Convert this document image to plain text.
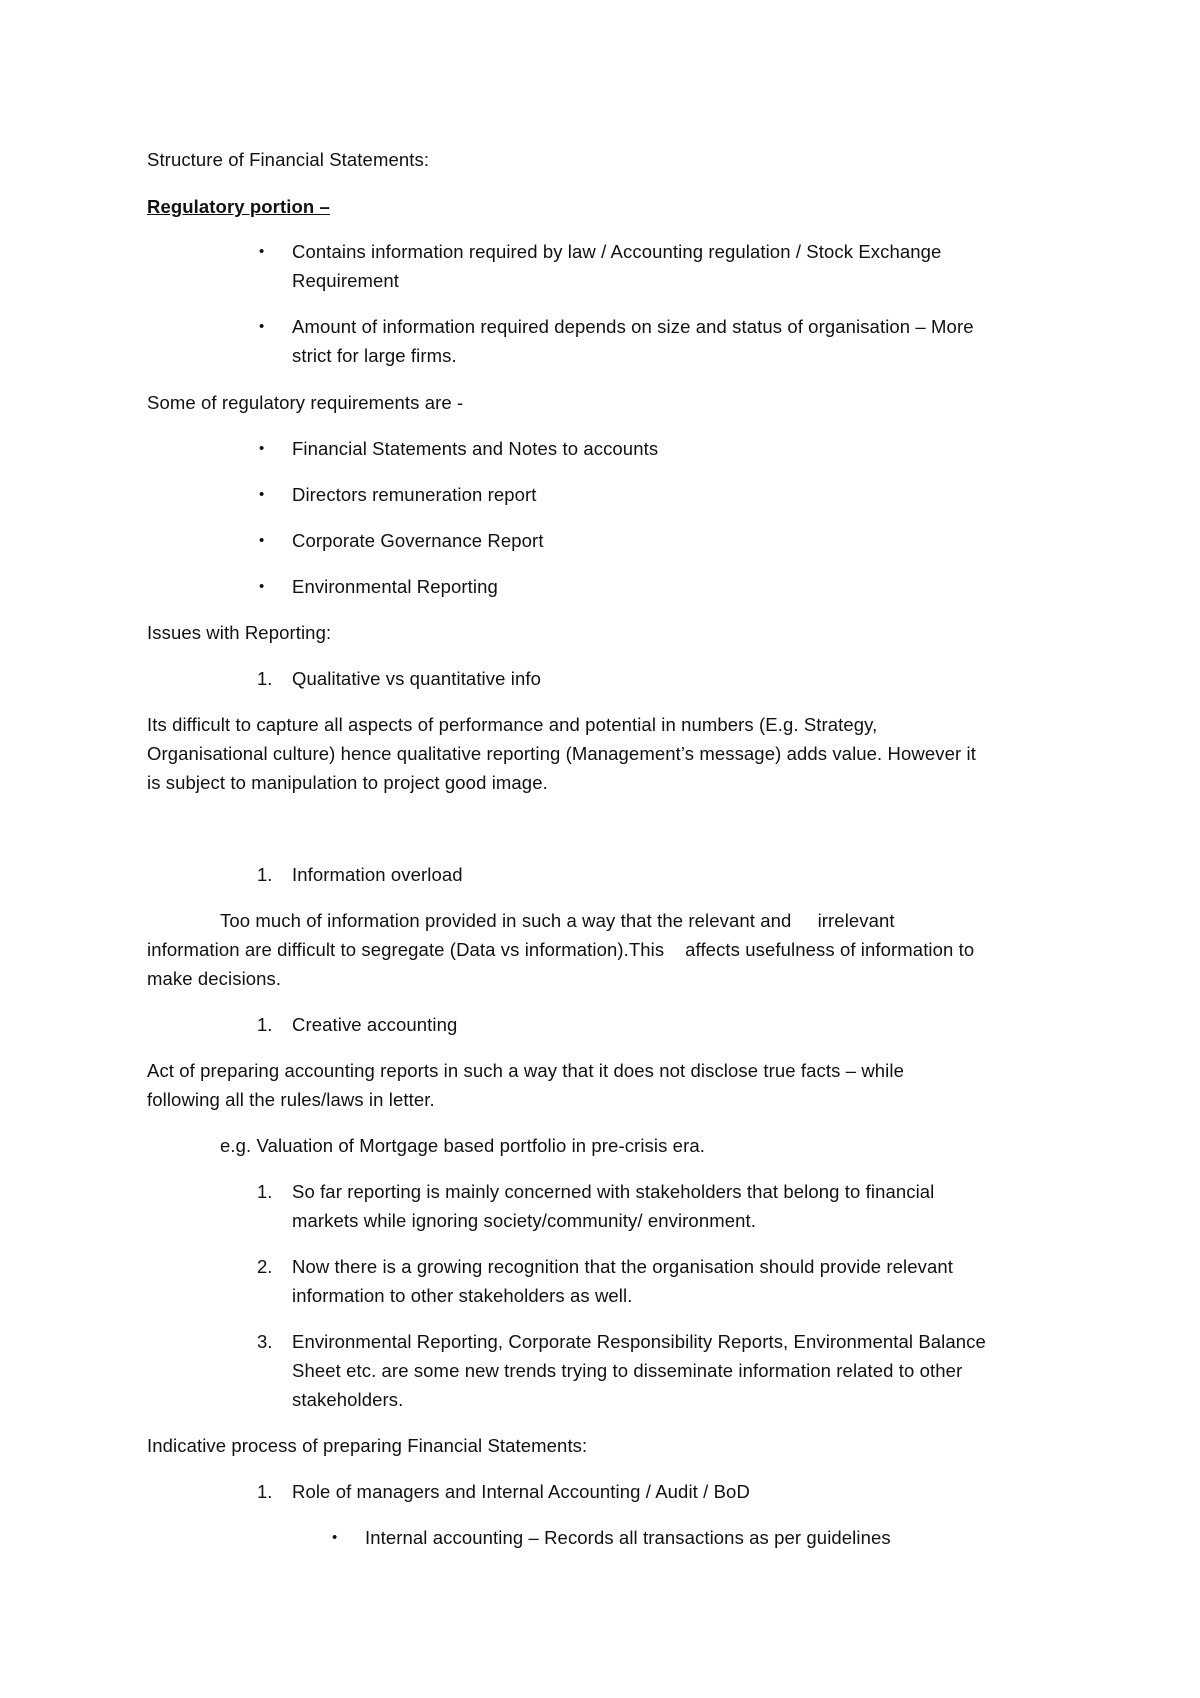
Structure of Financial Statements:
Regulatory portion –
• Contains information required by law / Accounting regulation / Stock Exchange
Requirement
• Amount of information required depends on size and status of organisation – More
strict for large firms.
Some of regulatory requirements are -
• Financial Statements and Notes to accounts
• Directors remuneration report
• Corporate Governance Report
• Environmental Reporting
Issues with Reporting:
1. Qualitative vs quantitative info
Its difficult to capture all aspects of performance and potential in numbers (E.g. Strategy,
Organisational culture) hence qualitative reporting (Management’s message) adds value. However it
is subject to manipulation to project good image.
1. Information overload
Too much of information provided in such a way that the relevant and     irrelevant
information are difficult to segregate (Data vs information).This    affects usefulness of information to
make decisions.
1. Creative accounting
Act of preparing accounting reports in such a way that it does not disclose true facts – while
following all the rules/laws in letter.
e.g. Valuation of Mortgage based portfolio in pre-crisis era.
1. So far reporting is mainly concerned with stakeholders that belong to financial
markets while ignoring society/community/ environment.
2. Now there is a growing recognition that the organisation should provide relevant
information to other stakeholders as well.
3. Environmental Reporting, Corporate Responsibility Reports, Environmental Balance
Sheet etc. are some new trends trying to disseminate information related to other
stakeholders.
Indicative process of preparing Financial Statements:
1. Role of managers and Internal Accounting / Audit / BoD
• Internal accounting – Records all transactions as per guidelines
